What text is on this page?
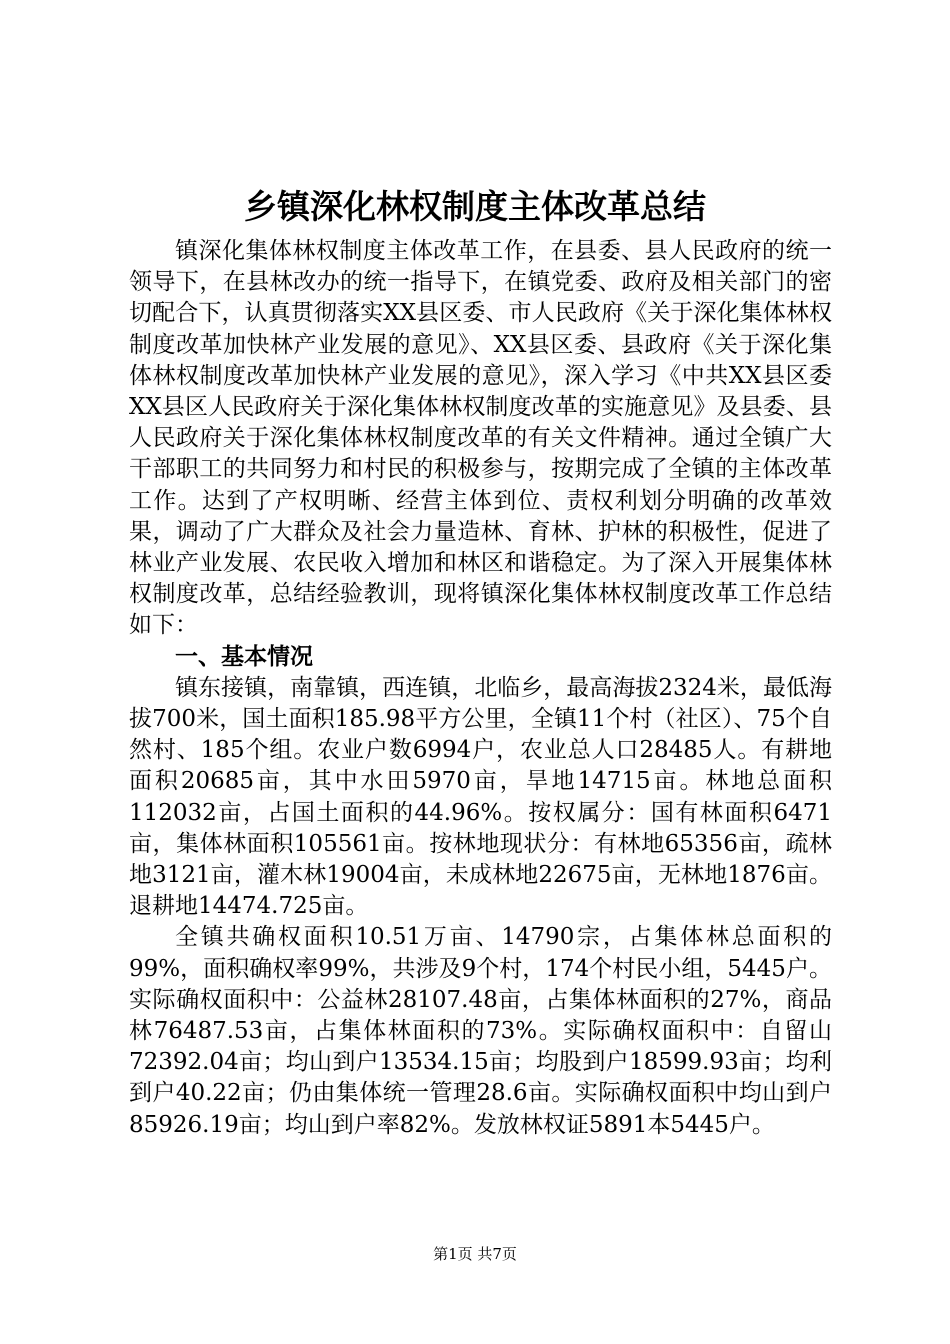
乡镇深化林权制度主体改革总结

镇深化集体林权制度主体改革工作，在县委、县人民政府的统一领导下，在县林改办的统一指导下，在镇党委、政府及相关部门的密切配合下，认真贯彻落实XX县区委、市人民政府《关于深化集体林权制度改革加快林产业发展的意见》、XX县区委、县政府《关于深化集体林权制度改革加快林产业发展的意见》，深入学习《中共XX县区委XX县区人民政府关于深化集体林权制度改革的实施意见》及县委、县人民政府关于深化集体林权制度改革的有关文件精神。通过全镇广大干部职工的共同努力和村民的积极参与，按期完成了全镇的主体改革工作。达到了产权明晰、经营主体到位、责权利划分明确的改革效果，调动了广大群众及社会力量造林、育林、护林的积极性，促进了林业产业发展、农民收入增加和林区和谐稳定。为了深入开展集体林权制度改革，总结经验教训，现将镇深化集体林权制度改革工作总结如下：

一、基本情况

镇东接镇，南靠镇，西连镇，北临乡，最高海拔2324米，最低海拔700米，国土面积185.98平方公里，全镇11个村（社区）、75个自然村、185个组。农业户数6994户，农业总人口28485人。有耕地面积20685亩，其中水田5970亩，旱地14715亩。林地总面积112032亩，占国土面积的44.96%。按权属分：国有林面积6471亩，集体林面积105561亩。按林地现状分：有林地65356亩，疏林地3121亩，灌木林19004亩，未成林地22675亩，无林地1876亩。退耕地14474.725亩。

全镇共确权面积10.51万亩、14790宗，占集体林总面积的99%，面积确权率99%，共涉及9个村，174个村民小组，5445户。实际确权面积中：公益林28107.48亩，占集体林面积的27%，商品林76487.53亩，占集体林面积的73%。实际确权面积中：自留山72392.04亩；均山到户13534.15亩；均股到户18599.93亩；均利到户40.22亩；仍由集体统一管理28.6亩。实际确权面积中均山到户85926.19亩；均山到户率82%。发放林权证5891本5445户。

第1页 共7页
